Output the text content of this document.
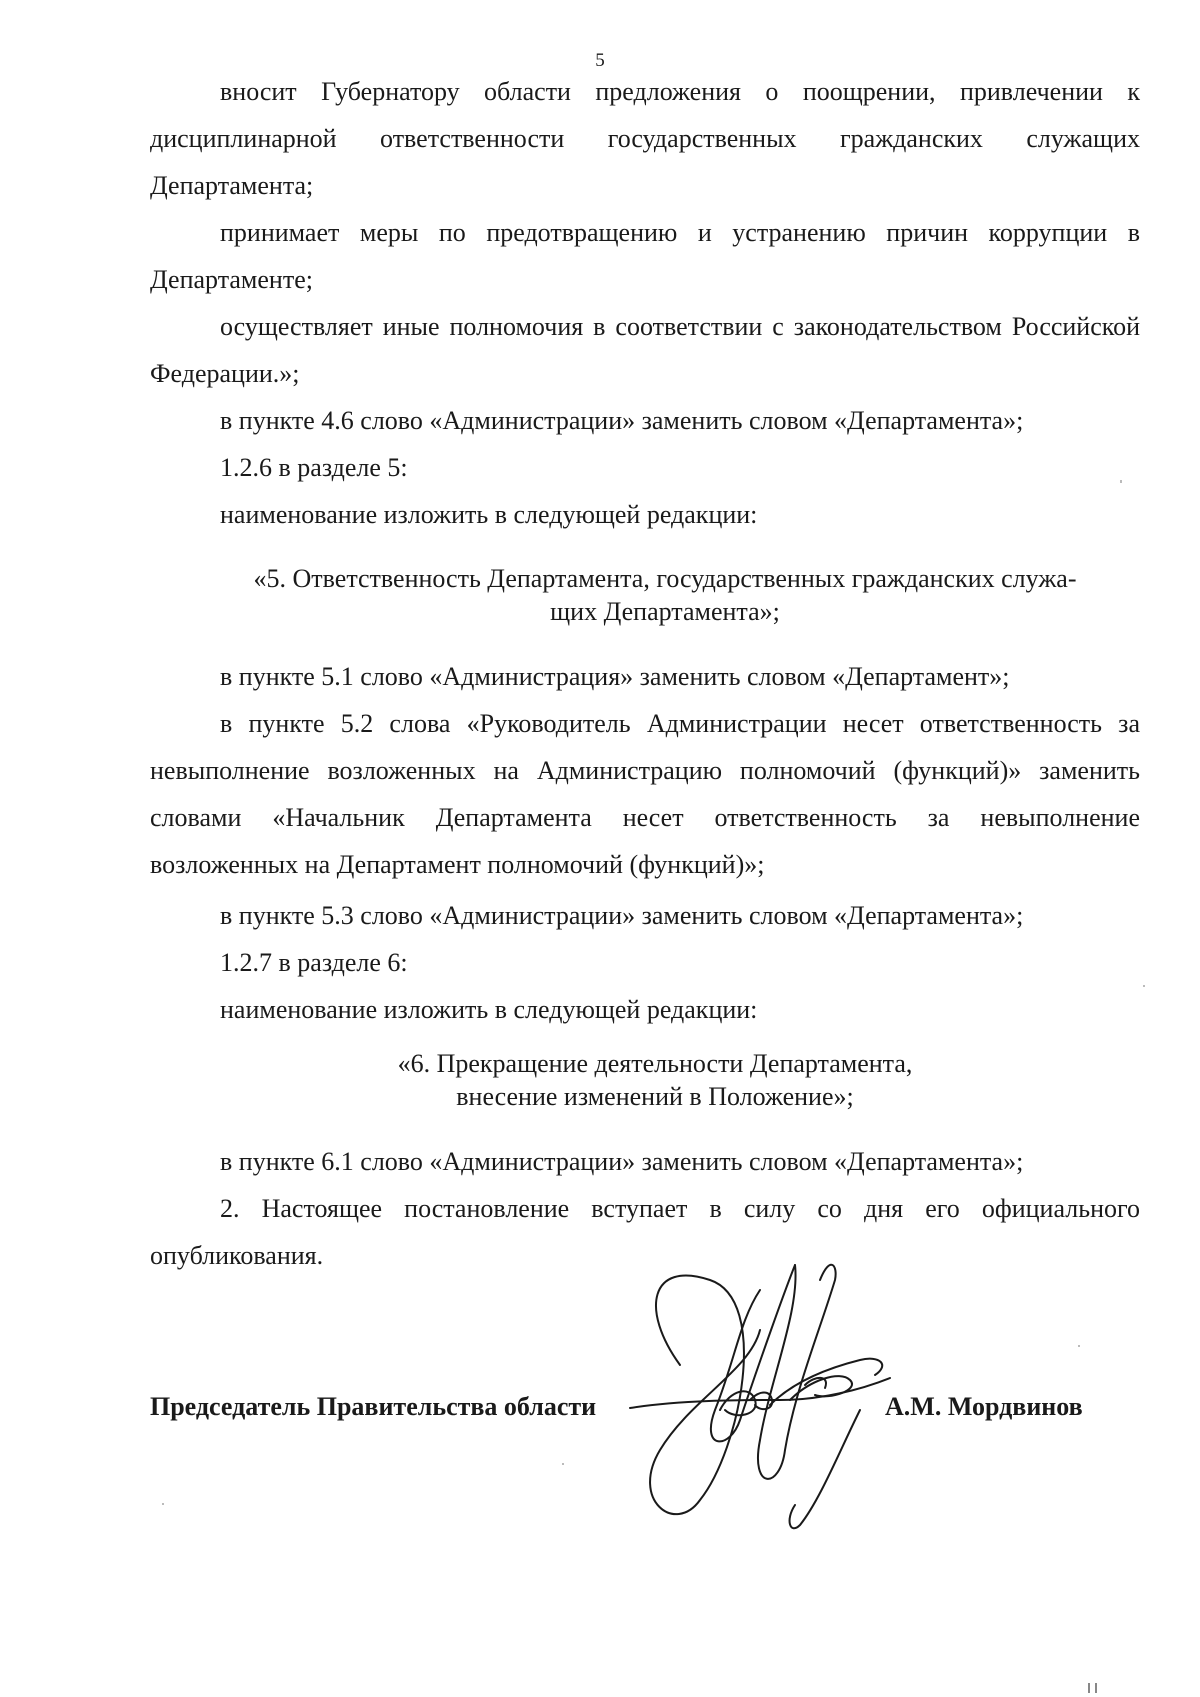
5

вносит Губернатору области предложения о поощрении, привлечении к дисциплинарной ответственности государственных гражданских служащих Департамента;

принимает меры по предотвращению и устранению причин коррупции в Департаменте;

осуществляет иные полномочия в соответствии с законодательством Российской Федерации.»;

в пункте 4.6 слово «Администрации» заменить словом «Департамента»;

1.2.6 в разделе 5:

наименование изложить в следующей редакции:

«5. Ответственность Департамента, государственных гражданских служа-
щих Департамента»;

в пункте 5.1 слово «Администрация» заменить словом «Департамент»;

в пункте 5.2 слова «Руководитель Администрации несет ответственность за невыполнение возложенных на Администрацию полномочий (функций)» заменить словами «Начальник Департамента несет ответственность за невыполнение возложенных на Департамент полномочий (функций)»;

в пункте 5.3 слово «Администрации» заменить словом «Департамента»;

1.2.7 в разделе 6:

наименование изложить в следующей редакции:

«6. Прекращение деятельности Департамента,
внесение изменений в Положение»;

в пункте 6.1 слово «Администрации» заменить словом «Департамента»;

2. Настоящее постановление вступает в силу со дня его официального опубликования.

Председатель Правительства области	А.М. Мордвинов
